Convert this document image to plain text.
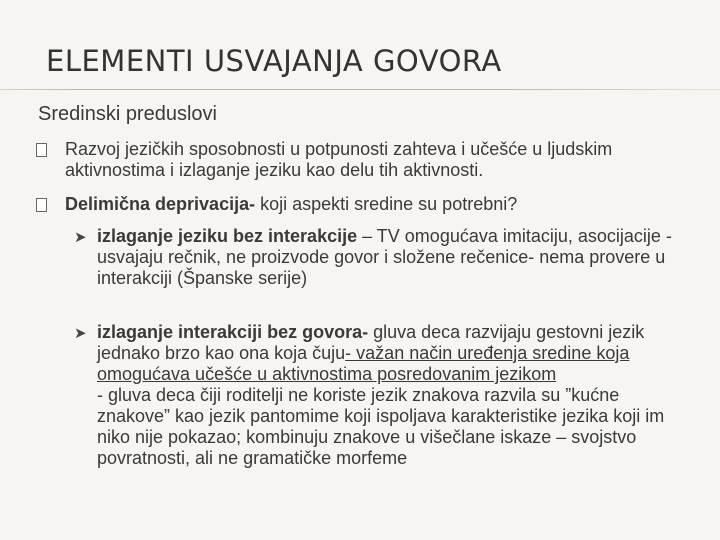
ELEMENTI USVAJANJA GOVORA
Sredinski preduslovi
Razvoj jezičkih sposobnosti u potpunosti zahteva i učešće u ljudskim aktivnostima i izlaganje jeziku kao delu tih aktivnosti.
Delimična deprivacija- koji aspekti sredine su potrebni?
➤ izlaganje jeziku bez interakcije – TV omogućava imitaciju, asocijacije - usvajaju rečnik, ne proizvode govor i složene rečenice- nema provere u interakciji (Španske serije)
➤ izlaganje interakciji bez govora- gluva deca razvijaju gestovni jezik jednako brzo kao ona koja čuju- važan način uređenja sredine koja omogućava učešće u aktivnostima posredovanim jezikom
- gluva deca čiji roditelji ne koriste jezik znakova razvila su ”kućne znakove” kao jezik pantomime koji ispoljava karakteristike jezika koji im niko nije pokazao; kombinuju znakove u višečlane iskaze – svojstvo povratnosti, ali ne gramatičke morfeme
